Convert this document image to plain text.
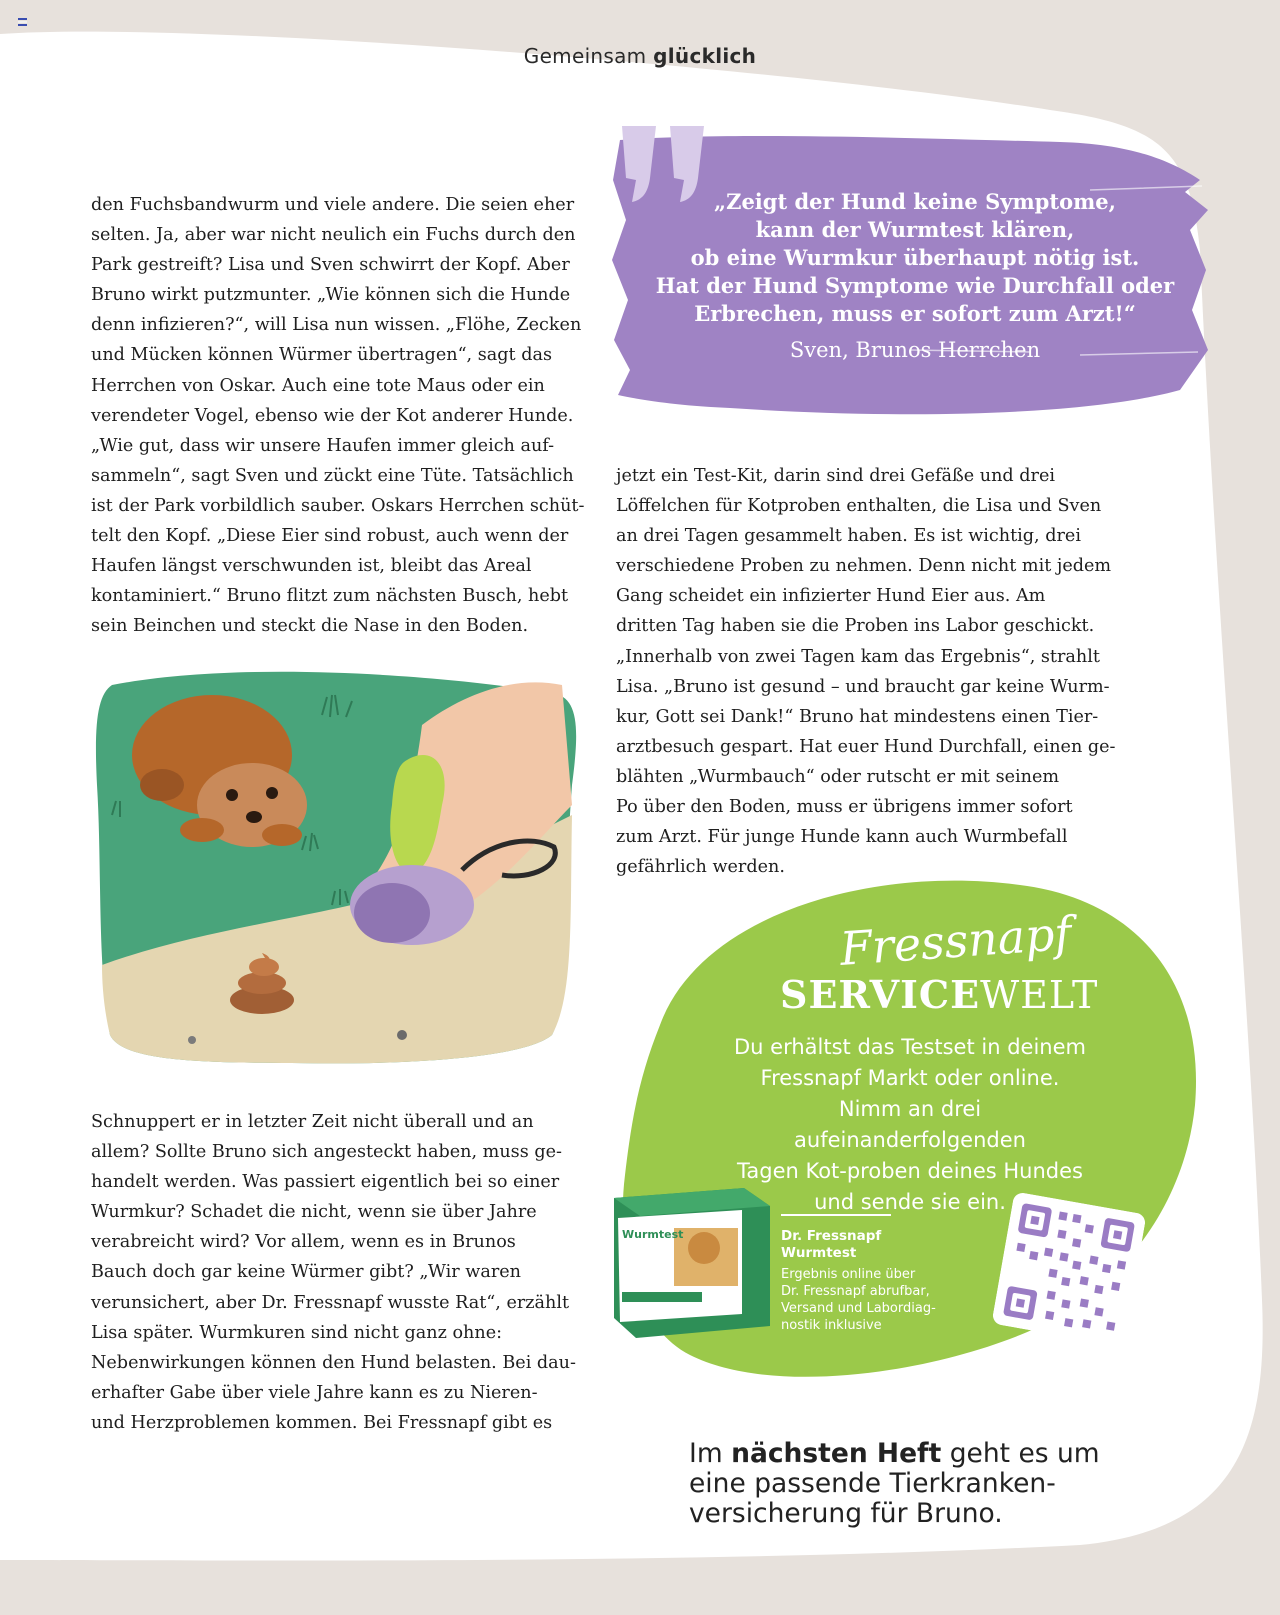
Gemeinsam glücklich
den Fuchsbandwurm und viele andere. Die seien eher
selten. Ja, aber war nicht neulich ein Fuchs durch den
Park gestreift? Lisa und Sven schwirrt der Kopf. Aber
Bruno wirkt putzmunter. „Wie können sich die Hunde
denn infizieren?“, will Lisa nun wissen. „Flöhe, Zecken
und Mücken können Würmer übertragen“, sagt das
Herrchen von Oskar. Auch eine tote Maus oder ein
verendeter Vogel, ebenso wie der Kot anderer Hunde.
„Wie gut, dass wir unsere Haufen immer gleich auf-
sammeln“, sagt Sven und zückt eine Tüte. Tatsächlich
ist der Park vorbildlich sauber. Oskars Herrchen schüt-
telt den Kopf. „Diese Eier sind robust, auch wenn der
Haufen längst verschwunden ist, bleibt das Areal
kontaminiert.“ Bruno flitzt zum nächsten Busch, hebt
sein Beinchen und steckt die Nase in den Boden.
„Zeigt der Hund keine Symptome,
kann der Wurmtest klären,
ob eine Wurmkur überhaupt nötig ist.
Hat der Hund Symptome wie Durchfall oder
Erbrechen, muss er sofort zum Arzt!“
Sven, Brunos Herrchen
Schnuppert er in letzter Zeit nicht überall und an
allem? Sollte Bruno sich angesteckt haben, muss ge-
handelt werden. Was passiert eigentlich bei so einer
Wurmkur? Schadet die nicht, wenn sie über Jahre
verabreicht wird? Vor allem, wenn es in Brunos
Bauch doch gar keine Würmer gibt? „Wir waren
verunsichert, aber Dr. Fressnapf wusste Rat“, erzählt
Lisa später. Wurmkuren sind nicht ganz ohne:
Nebenwirkungen können den Hund belasten. Bei dau-
erhafter Gabe über viele Jahre kann es zu Nieren-
und Herzproblemen kommen. Bei Fressnapf gibt es
jetzt ein Test-Kit, darin sind drei Gefäße und drei
Löffelchen für Kotproben enthalten, die Lisa und Sven
an drei Tagen gesammelt haben. Es ist wichtig, drei
verschiedene Proben zu nehmen. Denn nicht mit jedem
Gang scheidet ein infizierter Hund Eier aus. Am
dritten Tag haben sie die Proben ins Labor geschickt.
„Innerhalb von zwei Tagen kam das Ergebnis“, strahlt
Lisa. „Bruno ist gesund – und braucht gar keine Wurm-
kur, Gott sei Dank!“ Bruno hat mindestens einen Tier-
arztbesuch gespart. Hat euer Hund Durchfall, einen ge-
blähten „Wurmbauch“ oder rutscht er mit seinem
Po über den Boden, muss er übrigens immer sofort
zum Arzt. Für junge Hunde kann auch Wurmbefall
gefährlich werden.
Fressnapf
SERVICEWELT
Du erhältst das Testset in deinem
Fressnapf Markt oder online.
Nimm an drei aufeinanderfolgenden
Tagen Kot-proben deines Hundes
und sende sie ein.
Wurmtest	Dr. Fressnapf
Wurmtest
Ergebnis online über
Dr. Fressnapf abrufbar,
Versand und Labordiag-
nostik inklusive
Im nächsten Heft geht es um eine passende Tierkranken-versicherung für Bruno.
